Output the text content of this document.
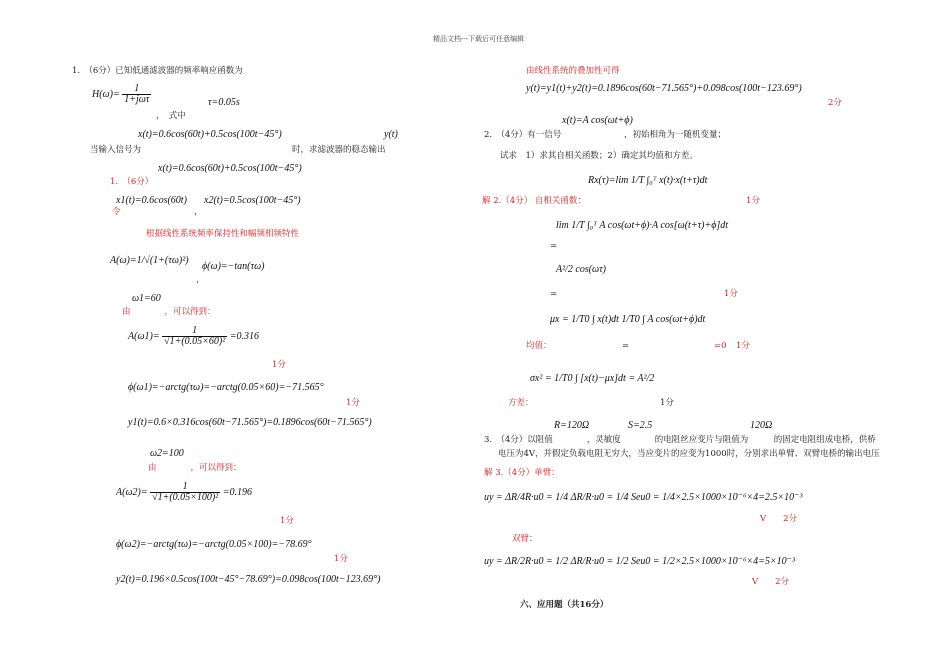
精品文档---下载后可任意编辑
1.　（6分）已知低通滤波器的频率响应函数为
$H(\omega)= \frac{1}{\text{1+jωτ}}$	τ=0.05s
，　式中
x(t)=0.6cos(60t)+0.5cos(100t−45°)	y(t)
当输入信号为	时，求滤波器的稳态输出
x(t)=0.6cos(60t)+0.5cos(100t−45°)
1.　（6分）
x1(t)=0.6cos(60t) x2(t)=0.5cos(100t−45°)
令	，
根据线性系统频率保持性和幅频相频特性
A(ω)=1/√(1+(τω)²)
ϕ(ω)=−tan(τω)
，
ω1=60
由　　　　，可以得到：
$A(\omega 1)= \frac{1}{\text{√1+(0.05×60)²}} =0.316$
1分
ϕ(ω1)=−arctg(τω)=−arctg(0.05×60)=−71.565°
1分
y1(t)=0.6×0.316cos(60t−71.565°)=0.1896cos(60t−71.565°)
ω2=100
由　　　　，可以得到：
$A(\omega 2)= \frac{1}{\text{√1+(0.05×100)²}} =0.196$
1分
ϕ(ω2)=−arctg(τω)=−arctg(0.05×100)=−78.69°
1分
y2(t)=0.196×0.5cos(100t−45°−78.69°)=0.098cos(100t−123.69°)
由线性系统的叠加性可得
y(t)=y1(t)+y2(t)=0.1896cos(60t−71.565°)+0.098cos(100t−123.69°)
2分
x(t)=A cos(ωt+ϕ)
2.　（4分）有一信号	，初始相角为一随机变量；
试求　1）求其自相关函数；2）确定其均值和方差。
Rx(τ)=lim 1/T ∫₀ᵀ x(t)·x(t+τ)dt
解 2.（4分） 自相关函数：	1分
lim 1/T ∫₀ᵀ A cos(ωt+ϕ)·A cos[ω(t+τ)+ϕ]dt
=
A²/2 cos(ωτ)
=	1分
μx = 1/T0 ∫ x(t)dt 1/T0 ∫ A cos(ωt+ϕ)dt
均值：	=	=0 1分
σx² = 1/T0 ∫ [x(t)−μx]dt = A²/2
方差：	1分
R=120Ω	S=2.5	120Ω
3.　（4分）以阻值　　　　，灵敏度　　　　的电阻丝应变片与阻值为　　　的固定电阻组成电桥，供桥
电压为4V，并假定负载电阻无穷大，当应变片的应变为1000时，分别求出单臂、双臂电桥的输出电压
解 3.（4分）单臂：
uy = ΔR/4R·u0 = 1/4 ΔR/R·u0 = 1/4 Seu0 = 1/4×2.5×1000×10⁻⁶×4=2.5×10⁻³
V　　2分
双臂：
uy = ΔR/2R·u0 = 1/2 ΔR/R·u0 = 1/2 Seu0 = 1/2×2.5×1000×10⁻⁶×4=5×10⁻³
V　　2分
六、应用题（共16分）
